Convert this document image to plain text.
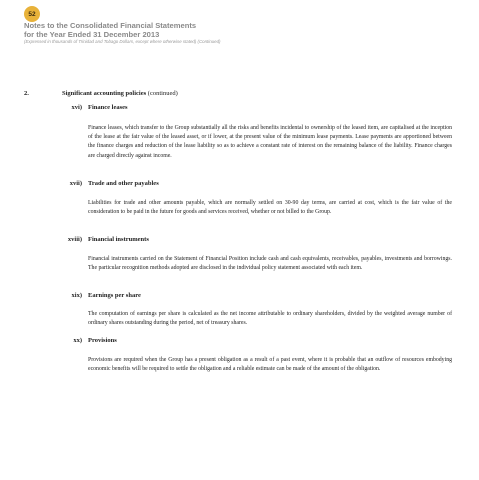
52
Notes to the Consolidated Financial Statements
for the Year Ended 31 December 2013
(Expressed in thousands of Trinidad and Tobago Dollars, except where otherwise stated) (Continued)
2.	Significant accounting policies (continued)
xvi) Finance leases
Finance leases, which transfer to the Group substantially all the risks and benefits incidental to ownership of the leased item, are capitalised at the inception of the lease at the fair value of the leased asset, or if lower, at the present value of the minimum lease payments. Lease payments are apportioned between the finance charges and reduction of the lease liability so as to achieve a constant rate of interest on the remaining balance of the liability. Finance charges are charged directly against income.
xvii) Trade and other payables
Liabilities for trade and other amounts payable, which are normally settled on 30-90 day terms, are carried at cost, which is the fair value of the consideration to be paid in the future for goods and services received, whether or not billed to the Group.
xviii) Financial instruments
Financial instruments carried on the Statement of Financial Position include cash and cash equivalents, receivables, payables, investments and borrowings. The particular recognition methods adopted are disclosed in the individual policy statement associated with each item.
xix) Earnings per share
The computation of earnings per share is calculated as the net income attributable to ordinary shareholders, divided by the weighted average number of ordinary shares outstanding during the period, net of treasury shares.
xx) Provisions
Provisions are required when the Group has a present obligation as a result of a past event, where it is probable that an outflow of resources embodying economic benefits will be required to settle the obligation and a reliable estimate can be made of the amount of the obligation.
